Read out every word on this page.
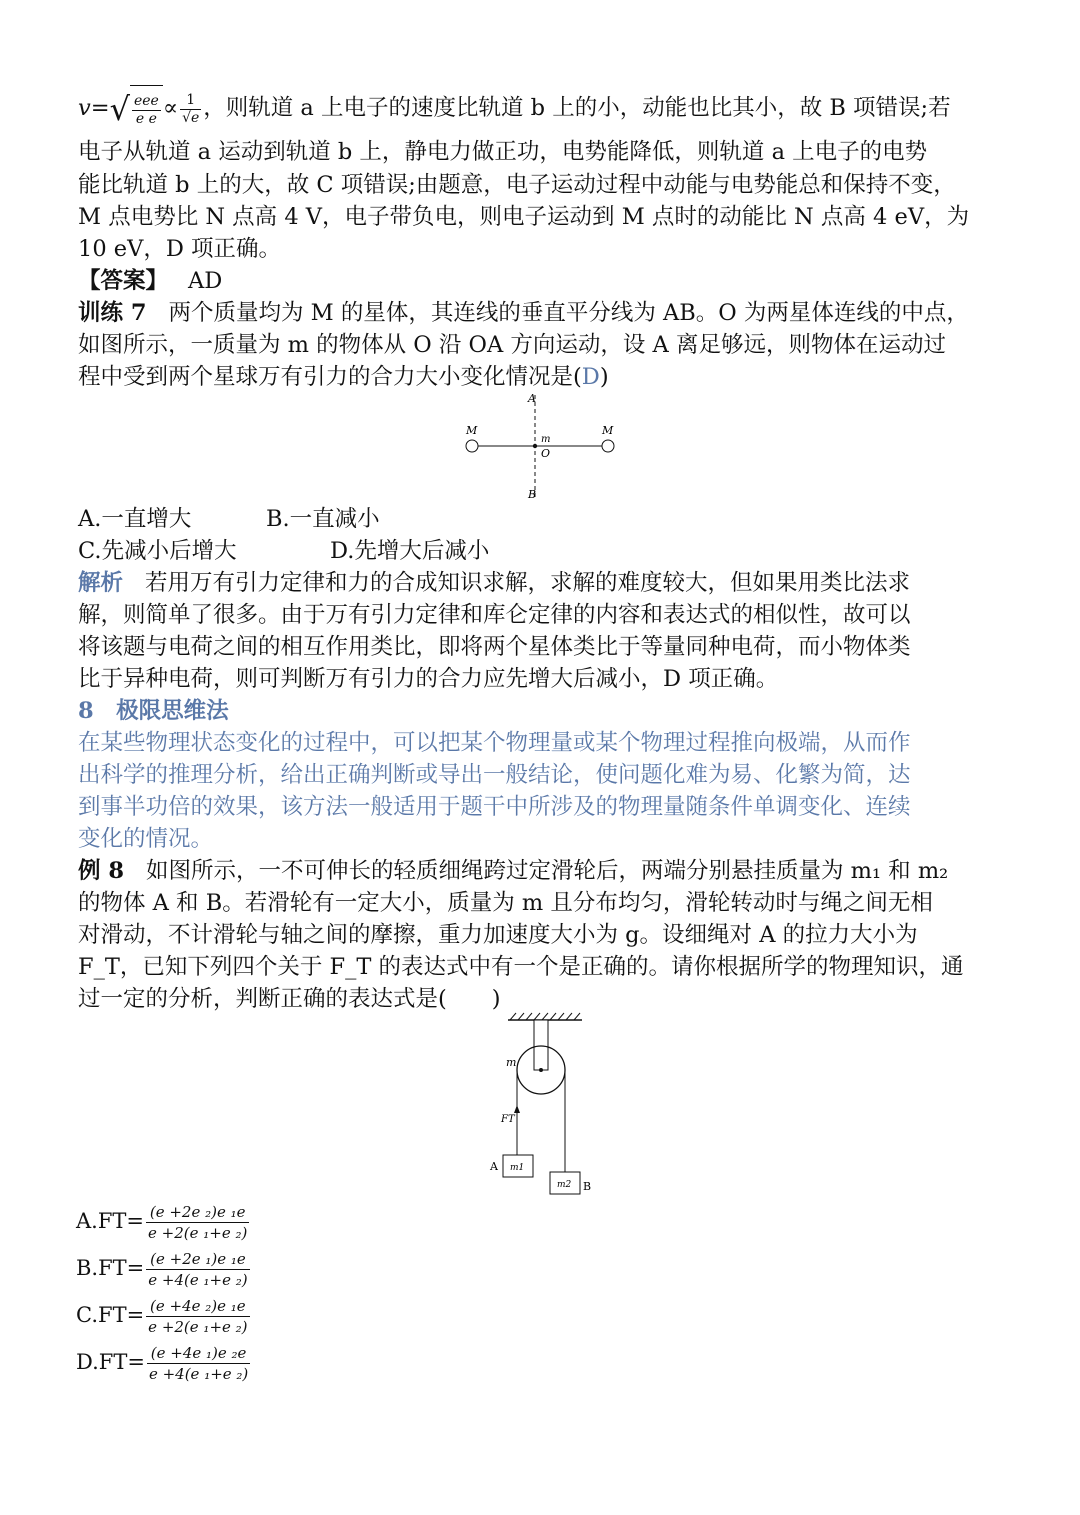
$v=√ \frac{\text{eee}}{\text{e e}} \propto \frac{1}{√e}$ ，则轨道 a 上电子的速度比轨道 b 上的小，动能也比其小，故 B 项错误;若
电子从轨道 a 运动到轨道 b 上，静电力做正功，电势能降低，则轨道 a 上电子的电势
能比轨道 b 上的大，故 C 项错误;由题意，电子运动过程中动能与电势能总和保持不变，
M 点电势比 N 点高 4 V，电子带负电，则电子运动到 M 点时的动能比 N 点高 4 eV，为
10 eV，D 项正确。
【答案】 AD
训练 7 两个质量均为 M 的星体，其连线的垂直平分线为 AB。O 为两星体连线的中点，
如图所示，一质量为 m 的物体从 O 沿 OA 方向运动，设 A 离足够远，则物体在运动过
程中受到两个星球万有引力的合力大小变化情况是(D)
A
B
O
m
M	M
A.一直增大	B.一直减小
C.先减小后增大	D.先增大后减小
解析 若用万有引力定律和力的合成知识求解，求解的难度较大，但如果用类比法求
解，则简单了很多。由于万有引力定律和库仑定律的内容和表达式的相似性，故可以
将该题与电荷之间的相互作用类比，即将两个星体类比于等量同种电荷，而小物体类
比于异种电荷，则可判断万有引力的合力应先增大后减小，D 项正确。
8　极限思维法
在某些物理状态变化的过程中，可以把某个物理量或某个物理过程推向极端，从而作
出科学的推理分析，给出正确判断或导出一般结论，使问题化难为易、化繁为简，达
到事半功倍的效果，该方法一般适用于题干中所涉及的物理量随条件单调变化、连续
变化的情况。
例 8 如图所示，一不可伸长的轻质细绳跨过定滑轮后，两端分别悬挂质量为 m₁ 和 m₂
的物体 A 和 B。若滑轮有一定大小，质量为 m 且分布均匀，滑轮转动时与绳之间无相
对滑动，不计滑轮与轴之间的摩擦，重力加速度大小为 g。设细绳对 A 的拉力大小为
F_T，已知下列四个关于 F_T 的表达式中有一个是正确的。请你根据所学的物理知识，通
过一定的分析，判断正确的表达式是(　　)
m
FT
A
B
m1
m2
$A.FT= \frac{\text{(e +2e ₂)e ₁e}}{\text{e +2(e ₁+e ₂)}}$
$B.FT= \frac{\text{(e +2e ₁)e ₁e}}{\text{e +4(e ₁+e ₂)}}$
$C.FT= \frac{\text{(e +4e ₂)e ₁e}}{\text{e +2(e ₁+e ₂)}}$
$D.FT= \frac{\text{(e +4e ₁)e ₂e}}{\text{e +4(e ₁+e ₂)}}$
